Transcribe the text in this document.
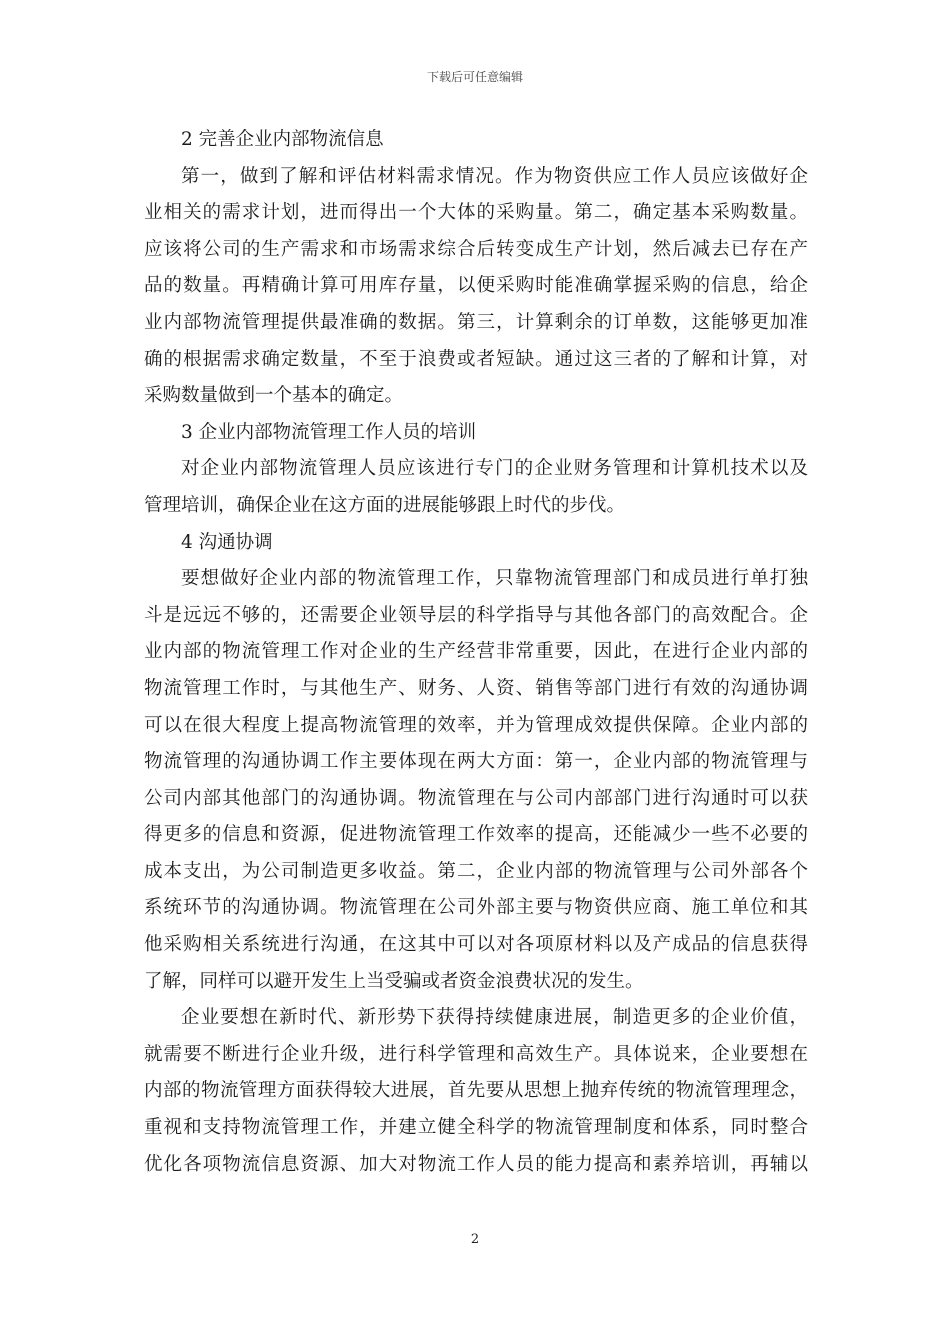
下载后可任意编辑
2 完善企业内部物流信息
第一，做到了解和评估材料需求情况。作为物资供应工作人员应该做好企
业相关的需求计划，进而得出一个大体的采购量。第二，确定基本采购数量。
应该将公司的生产需求和市场需求综合后转变成生产计划，然后减去已存在产
品的数量。再精确计算可用库存量，以便采购时能准确掌握采购的信息，给企
业内部物流管理提供最准确的数据。第三，计算剩余的订单数，这能够更加准
确的根据需求确定数量，不至于浪费或者短缺。通过这三者的了解和计算，对
采购数量做到一个基本的确定。
3 企业内部物流管理工作人员的培训
对企业内部物流管理人员应该进行专门的企业财务管理和计算机技术以及
管理培训，确保企业在这方面的进展能够跟上时代的步伐。
4 沟通协调
要想做好企业内部的物流管理工作，只靠物流管理部门和成员进行单打独
斗是远远不够的，还需要企业领导层的科学指导与其他各部门的高效配合。企
业内部的物流管理工作对企业的生产经营非常重要，因此，在进行企业内部的
物流管理工作时，与其他生产、财务、人资、销售等部门进行有效的沟通协调
可以在很大程度上提高物流管理的效率，并为管理成效提供保障。企业内部的
物流管理的沟通协调工作主要体现在两大方面：第一，企业内部的物流管理与
公司内部其他部门的沟通协调。物流管理在与公司内部部门进行沟通时可以获
得更多的信息和资源，促进物流管理工作效率的提高，还能减少一些不必要的
成本支出，为公司制造更多收益。第二，企业内部的物流管理与公司外部各个
系统环节的沟通协调。物流管理在公司外部主要与物资供应商、施工单位和其
他采购相关系统进行沟通，在这其中可以对各项原材料以及产成品的信息获得
了解，同样可以避开发生上当受骗或者资金浪费状况的发生。
企业要想在新时代、新形势下获得持续健康进展，制造更多的企业价值，
就需要不断进行企业升级，进行科学管理和高效生产。具体说来，企业要想在
内部的物流管理方面获得较大进展，首先要从思想上抛弃传统的物流管理理念，
重视和支持物流管理工作，并建立健全科学的物流管理制度和体系，同时整合
优化各项物流信息资源、加大对物流工作人员的能力提高和素养培训，再辅以
2
